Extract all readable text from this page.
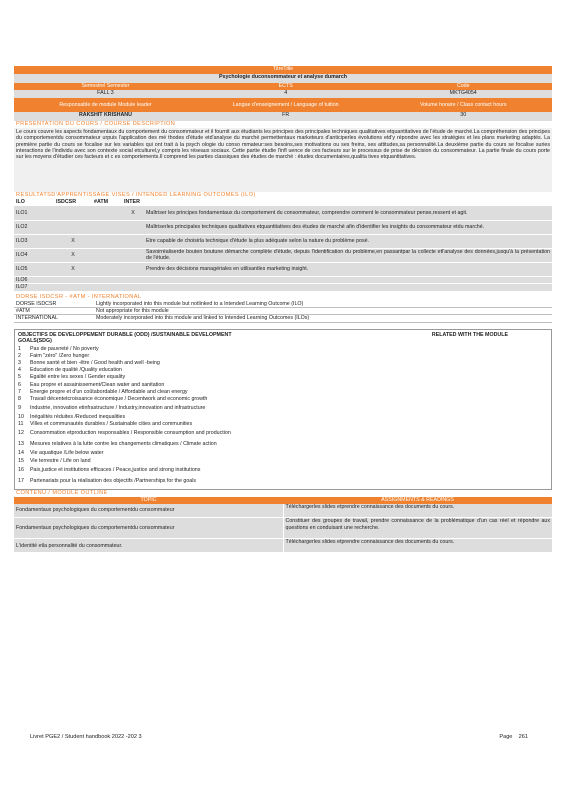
TitreTitle		
Psychologie duconsommateur et analyse dumarch		
Semestrel Semester	ECTS	Code
FALL 3	4	MKTG4054
Responsable de module Module leader	Langue d'enseignement / Language of tuition	Volume horaire / Class contact hours
RAKSHIT KRISHANU	FR	30
PRESENTATION DU COURS / COURSE DESCRIPTION
Le cours couvre les aspects fondamentaux du comportement du consommateur et il fournit aux étudiants les principes des principales techniques qualitatives etquantitatives de l'étude de marché.La compréhension des principes du comportementdu consommateur urpuis l'application des mé thodes d'étude etd'analyse du marché permettentaux marketeurs d'anticiperles évolutions etd'y répondre avec les stratégies et les plans marketing adaptés. La première partie du cours se focalise sur les variables qui ont trait à la psych ologie du conso mmateur:ses besoins,ses motivations ou ses freins, ses attitudes,sa personnalité.La deuxième partie du cours se focalise suries interactions de l'individu avec son contexte social etculturel,y compris les réseaux sociaux. Cette partie étudie l'infl uence de ces facteurs sur le processus de prise de décision du consommateur. La partie finale du cours porte sur les moyens d'étudier ces facteurs et c es comportements.Il comprend les parties classiques des études de marché : études documentaires,qualita tives etquantitatives.
RESULTATSD'APPRENTISSAGE VISES / INTENDED LEARNING OUTCOMES (ILO)
ILO	ISDCSR	#ATM	INTER	
ILO1			X	Maîtriser les principes fondamentaux du comportement du consommateur, comprendre comment le consommateur pense,ressent et agit.
ILO2				Maîtriserles principales techniques qualitatives etquantitatives des études de marché afin d'identifier les insights du consommateur etdu marché.
ILO3	X			Etre capable de choisirla technique d'étude la plus adéquate selon la nature du problème posé.
ILO4	X			Savoirréaliserde bouten boutune démarche complète d'étude, depuis l'identification du problème,en passantpar la collecte etl'analyse des données,jusqu'à la présentation de l'étude.
ILO5	X			Prendre des décisions managériales en utilisantles marketing insight.
ILO6				
ILO7				
DORSE ISDCSR - #ATM - INTERNATIONAL
DORSE ISDCSR	Lightly incorporated into this module but notlinked to a Intended Learning Outcome (ILO)
#ATM	Not appropriate for this module
INTERNATIONAL	Moderately incorporated into this module and linked to Intended Learning Outcomes (ILOs)
OBJECTIFS DE DEVELOPPEMENT DURABLE (ODD) /SUSTAINABLE DEVELOPMENT GOALS(SDG)
RELATED WITH THE MODULE
1	Pas de pauvreté / No poverty
2	Faim "zéro" /Zero hunger
3	Bonne santé et bien -être / Good health and well -being
4	Education de qualité /Quality education
5	Egalité entre les sexes / Gender equality
6	Eau propre et assainissement/Clean water and sanitation
7	Energie propre et d'un coûtabordable / Affordable and clean energy
8	Travail décentetcroissance économique / Decentwork and economic growth
9	Industrie, innovation etinfrastructure / Industry,innovation and infrastructure
10	Inégalités réduites /Reduced inequalities
11	Villes et communautés durables / Sustainable cities and communities
12	Consommation etproduction responsables / Responsible consumption and production
13	Mesures relatives à la lutte contre les changements climatiques / Climate action
14	Vie aquatique /Life below water
15	Vie terrestre / Life on land
16	Paix,justice et institutions efficaces / Peace,justice and strong institutions
17	Partenariats pour la réalisation des objectifs /Partnerships for the goals
CONTENU / MODULE OUTLINE
TOPIC	ASSIGNMENTS & READINGS
Fondamentaux psychologiques du comportementdu consommateur	Téléchargerles slides etprendre connaissance des documents du cours.
Fondamentaux psychologiques du comportementdu consommateur	Constituer des groupes de travail, prendre connaissance de la problématique d'un cas réel et répondre aux questions en conduisant une recherche.
L'identité etla personnalité du consommateur.	Téléchargerles slides etprendre connaissance des documents du cours.
Livret PGE2 / Student handbook 2022 -202 3	Page 261
